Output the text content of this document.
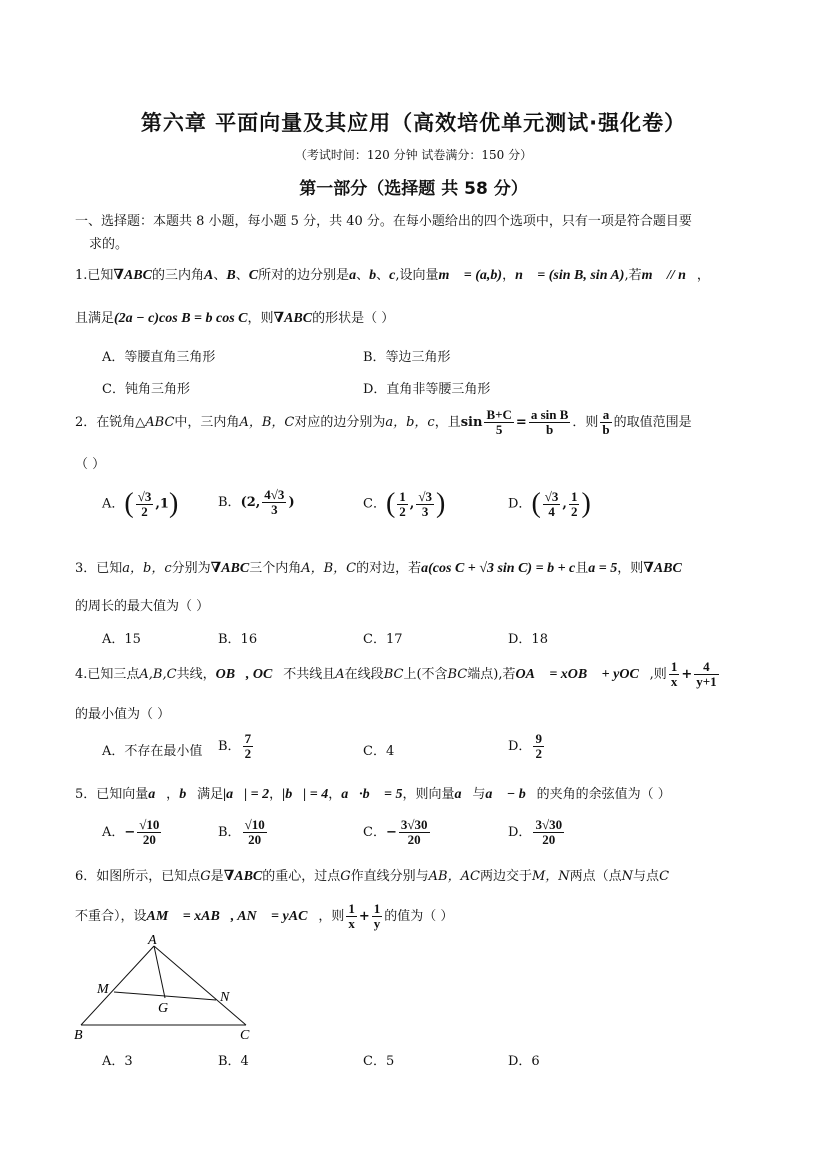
第六章 平面向量及其应用（高效培优单元测试·强化卷）
（考试时间：120 分钟 试卷满分：150 分）
第一部分（选择题 共 58 分）
一、选择题：本题共 8 小题，每小题 5 分，共 40 分。在每小题给出的四个选项中，只有一项是符合题目要
求的。
1.已知∇ABC的三内角A、B、C所对的边分别是a、b、c,设向量m⃗ = (a,b)，n⃗ = (sin B, sin A),若m⃗ // n⃗，
且满足(2a − c)cos B = b cos C，则∇ABC的形状是（ ）
A．等腰直角三角形	B．等边三角形
C．钝角三角形	D．直角非等腰三角形
2．在锐角△ABC中，三内角A，B，C对应的边分别为a，b，c，且$\sin \frac{B+C}{5} = \frac{\text{a sin B}}{b}$ ．则 $\frac{a}{b}$ 的取值范围是
（ ）
A．( $\frac{√3}{2} ,1$)	B．(2, $\frac{4√3}{3}$ )	C．( $\frac{1}{2}$ , $\frac{√3}{3}$ )	D．( $\frac{√3}{4}$ , $\frac{1}{2}$ )
3．已知a，b，c分别为∇ABC三个内角A，B，C的对边，若a(cos C + √3 sin C) = b + c且a = 5，则∇ABC
的周长的最大值为（ ）
A．15	B．16	C．17	D．18
4.已知三点A,B,C共线，OB⃗, OC⃗不共线且A在线段BC上(不含BC端点),若OA⃗ = xOB⃗ + yOC⃗,则 $\frac{1}{x} + \frac{4}{y+1}$
的最小值为（ ）
A．不存在最小值 B． $\frac{7}{2}$	C．4	D． $\frac{9}{2}$
5．已知向量a⃗，b⃗满足|a⃗| = 2，|b⃗| = 4，a⃗·b⃗ = 5，则向量a⃗与a⃗ − b⃗的夹角的余弦值为（ ）
A．− $\frac{√10}{20}$	B． $\frac{√10}{20}$	C．− $\frac{3√30}{20}$	D． $\frac{3√30}{20}$
6．如图所示，已知点G是∇ABC的重心，过点G作直线分别与AB，AC两边交于M，N两点（点N与点C
不重合），设AM⃗ = xAB⃗, AN⃗ = yAC⃗，则 $\frac{1}{x} + \frac{1}{y}$ 的值为（ ）
A
B	C
M
N
G
A．3	B．4	C．5	D．6
